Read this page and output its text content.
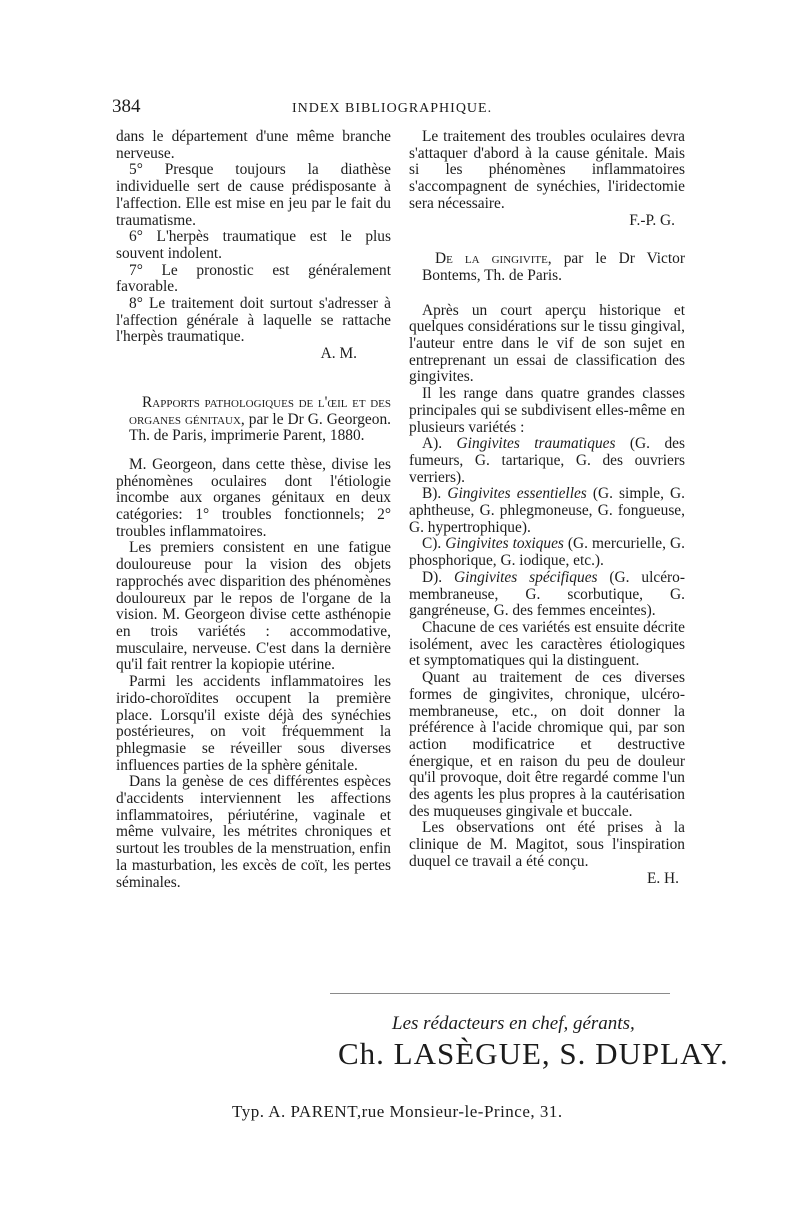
384	INDEX BIBLIOGRAPHIQUE.

dans le département d'une même branche nerveuse.

5° Presque toujours la diathèse individuelle sert de cause prédisposante à l'affection. Elle est mise en jeu par le fait du traumatisme.

6° L'herpès traumatique est le plus souvent indolent.

7° Le pronostic est généralement favorable.

8° Le traitement doit surtout s'adresser à l'affection générale à laquelle se rattache l'herpès traumatique.

A. M.

Rapports pathologiques de l'œil et des organes génitaux, par le Dr G. Georgeon. Th. de Paris, imprimerie Parent, 1880.

M. Georgeon, dans cette thèse, divise les phénomènes oculaires dont l'étiologie incombe aux organes génitaux en deux catégories: 1° troubles fonctionnels; 2° troubles inflammatoires.

Les premiers consistent en une fatigue douloureuse pour la vision des objets rapprochés avec disparition des phénomènes douloureux par le repos de l'organe de la vision. M. Georgeon divise cette asthénopie en trois variétés : accommodative, musculaire, nerveuse. C'est dans la dernière qu'il fait rentrer la kopiopie utérine.

Parmi les accidents inflammatoires les irido-choroïdites occupent la première place. Lorsqu'il existe déjà des synéchies postérieures, on voit fréquemment la phlegmasie se réveiller sous diverses influences parties de la sphère génitale.

Dans la genèse de ces différentes espèces d'accidents interviennent les affections inflammatoires, périutérine, vaginale et même vulvaire, les métrites chroniques et surtout les troubles de la menstruation, enfin la masturbation, les excès de coït, les pertes séminales.

Le traitement des troubles oculaires devra s'attaquer d'abord à la cause génitale. Mais si les phénomènes inflammatoires s'accompagnent de synéchies, l'iridectomie sera nécessaire.

F.-P. G.

De la gingivite, par le Dr Victor Bontems, Th. de Paris.

Après un court aperçu historique et quelques considérations sur le tissu gingival, l'auteur entre dans le vif de son sujet en entreprenant un essai de classification des gingivites.

Il les range dans quatre grandes classes principales qui se subdivisent elles-même en plusieurs variétés :

A). Gingivites traumatiques (G. des fumeurs, G. tartarique, G. des ouvriers verriers).

B). Gingivites essentielles (G. simple, G. aphtheuse, G. phlegmoneuse, G. fongueuse, G. hypertrophique).

C). Gingivites toxiques (G. mercurielle, G. phosphorique, G. iodique, etc.).

D). Gingivites spécifiques (G. ulcéro-membraneuse, G. scorbutique, G. gangréneuse, G. des femmes enceintes).

Chacune de ces variétés est ensuite décrite isolément, avec les caractères étiologiques et symptomatiques qui la distinguent.

Quant au traitement de ces diverses formes de gingivites, chronique, ulcéro-membraneuse, etc., on doit donner la préférence à l'acide chromique qui, par son action modificatrice et destructive énergique, et en raison du peu de douleur qu'il provoque, doit être regardé comme l'un des agents les plus propres à la cautérisation des muqueuses gingivale et buccale.

Les observations ont été prises à la clinique de M. Magitot, sous l'inspiration duquel ce travail a été conçu.

E. H.
Les rédacteurs en chef, gérants,
Ch. LASÈGUE, S. DUPLAY.
Typ. A. PARENT,rue Monsieur-le-Prince, 31.
